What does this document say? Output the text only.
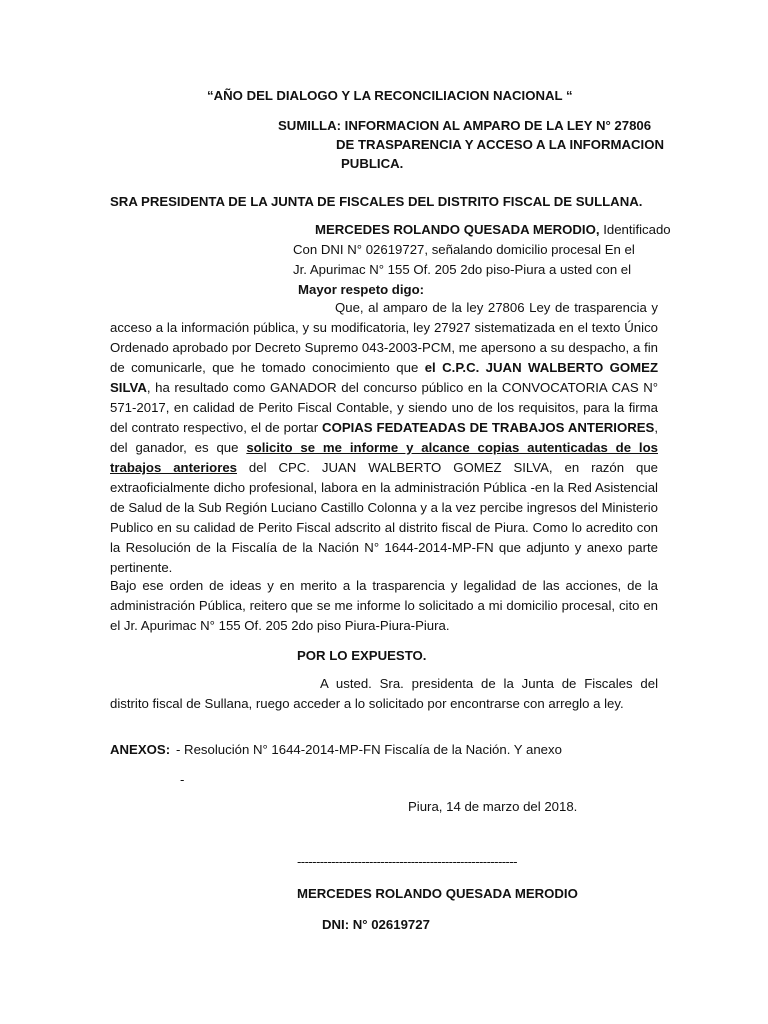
“AÑO DEL DIALOGO Y LA RECONCILIACION NACIONAL “
SUMILLA: INFORMACION AL AMPARO DE LA LEY N° 27806
DE TRASPARENCIA Y ACCESO A LA INFORMACION
PUBLICA.
SRA PRESIDENTA DE LA JUNTA DE FISCALES DEL DISTRITO FISCAL DE SULLANA.
MERCEDES ROLANDO QUESADA MERODIO, Identificado
Con DNI N° 02619727, señalando domicilio procesal En el
Jr. Apurimac N° 155 Of. 205 2do piso-Piura a usted con el
Mayor respeto digo:

Que, al amparo de la ley 27806 Ley de trasparencia y acceso a la información pública, y su modificatoria, ley 27927 sistematizada en el texto Único Ordenado aprobado por Decreto Supremo 043-2003-PCM, me apersono a su despacho, a fin de comunicarle, que he tomado conocimiento que el C.P.C. JUAN WALBERTO GOMEZ SILVA, ha resultado como GANADOR del concurso público en la CONVOCATORIA CAS N° 571-2017, en calidad de Perito Fiscal Contable, y siendo uno de los requisitos, para la firma del contrato respectivo, el de portar COPIAS FEDATEADAS DE TRABAJOS ANTERIORES, del ganador, es que solicito se me informe y alcance copias autenticadas de los trabajos anteriores del CPC. JUAN WALBERTO GOMEZ SILVA, en razón que extraoficialmente dicho profesional, labora en la administración Pública -en la Red Asistencial de Salud de la Sub Región Luciano Castillo Colonna y a la vez percibe ingresos del Ministerio Publico en su calidad de Perito Fiscal adscrito al distrito fiscal de Piura. Como lo acredito con la Resolución de la Fiscalía de la Nación N° 1644-2014-MP-FN que adjunto y anexo parte pertinente.

Bajo ese orden de ideas y en merito a la trasparencia y legalidad de las acciones, de la administración Pública, reitero que se me informe lo solicitado a mi domicilio procesal, cito en el Jr. Apurimac N° 155 Of. 205 2do piso Piura-Piura-Piura.

POR LO EXPUESTO.

A usted. Sra. presidenta de la Junta de Fiscales del distrito fiscal de Sullana, ruego acceder a lo solicitado por encontrarse con arreglo a ley.

ANEXOS: - Resolución N° 1644-2014-MP-FN Fiscalía de la Nación. Y anexo
-
Piura, 14 de marzo del 2018.
----------------------------------------------------------
MERCEDES ROLANDO QUESADA MERODIO
DNI: N° 02619727
